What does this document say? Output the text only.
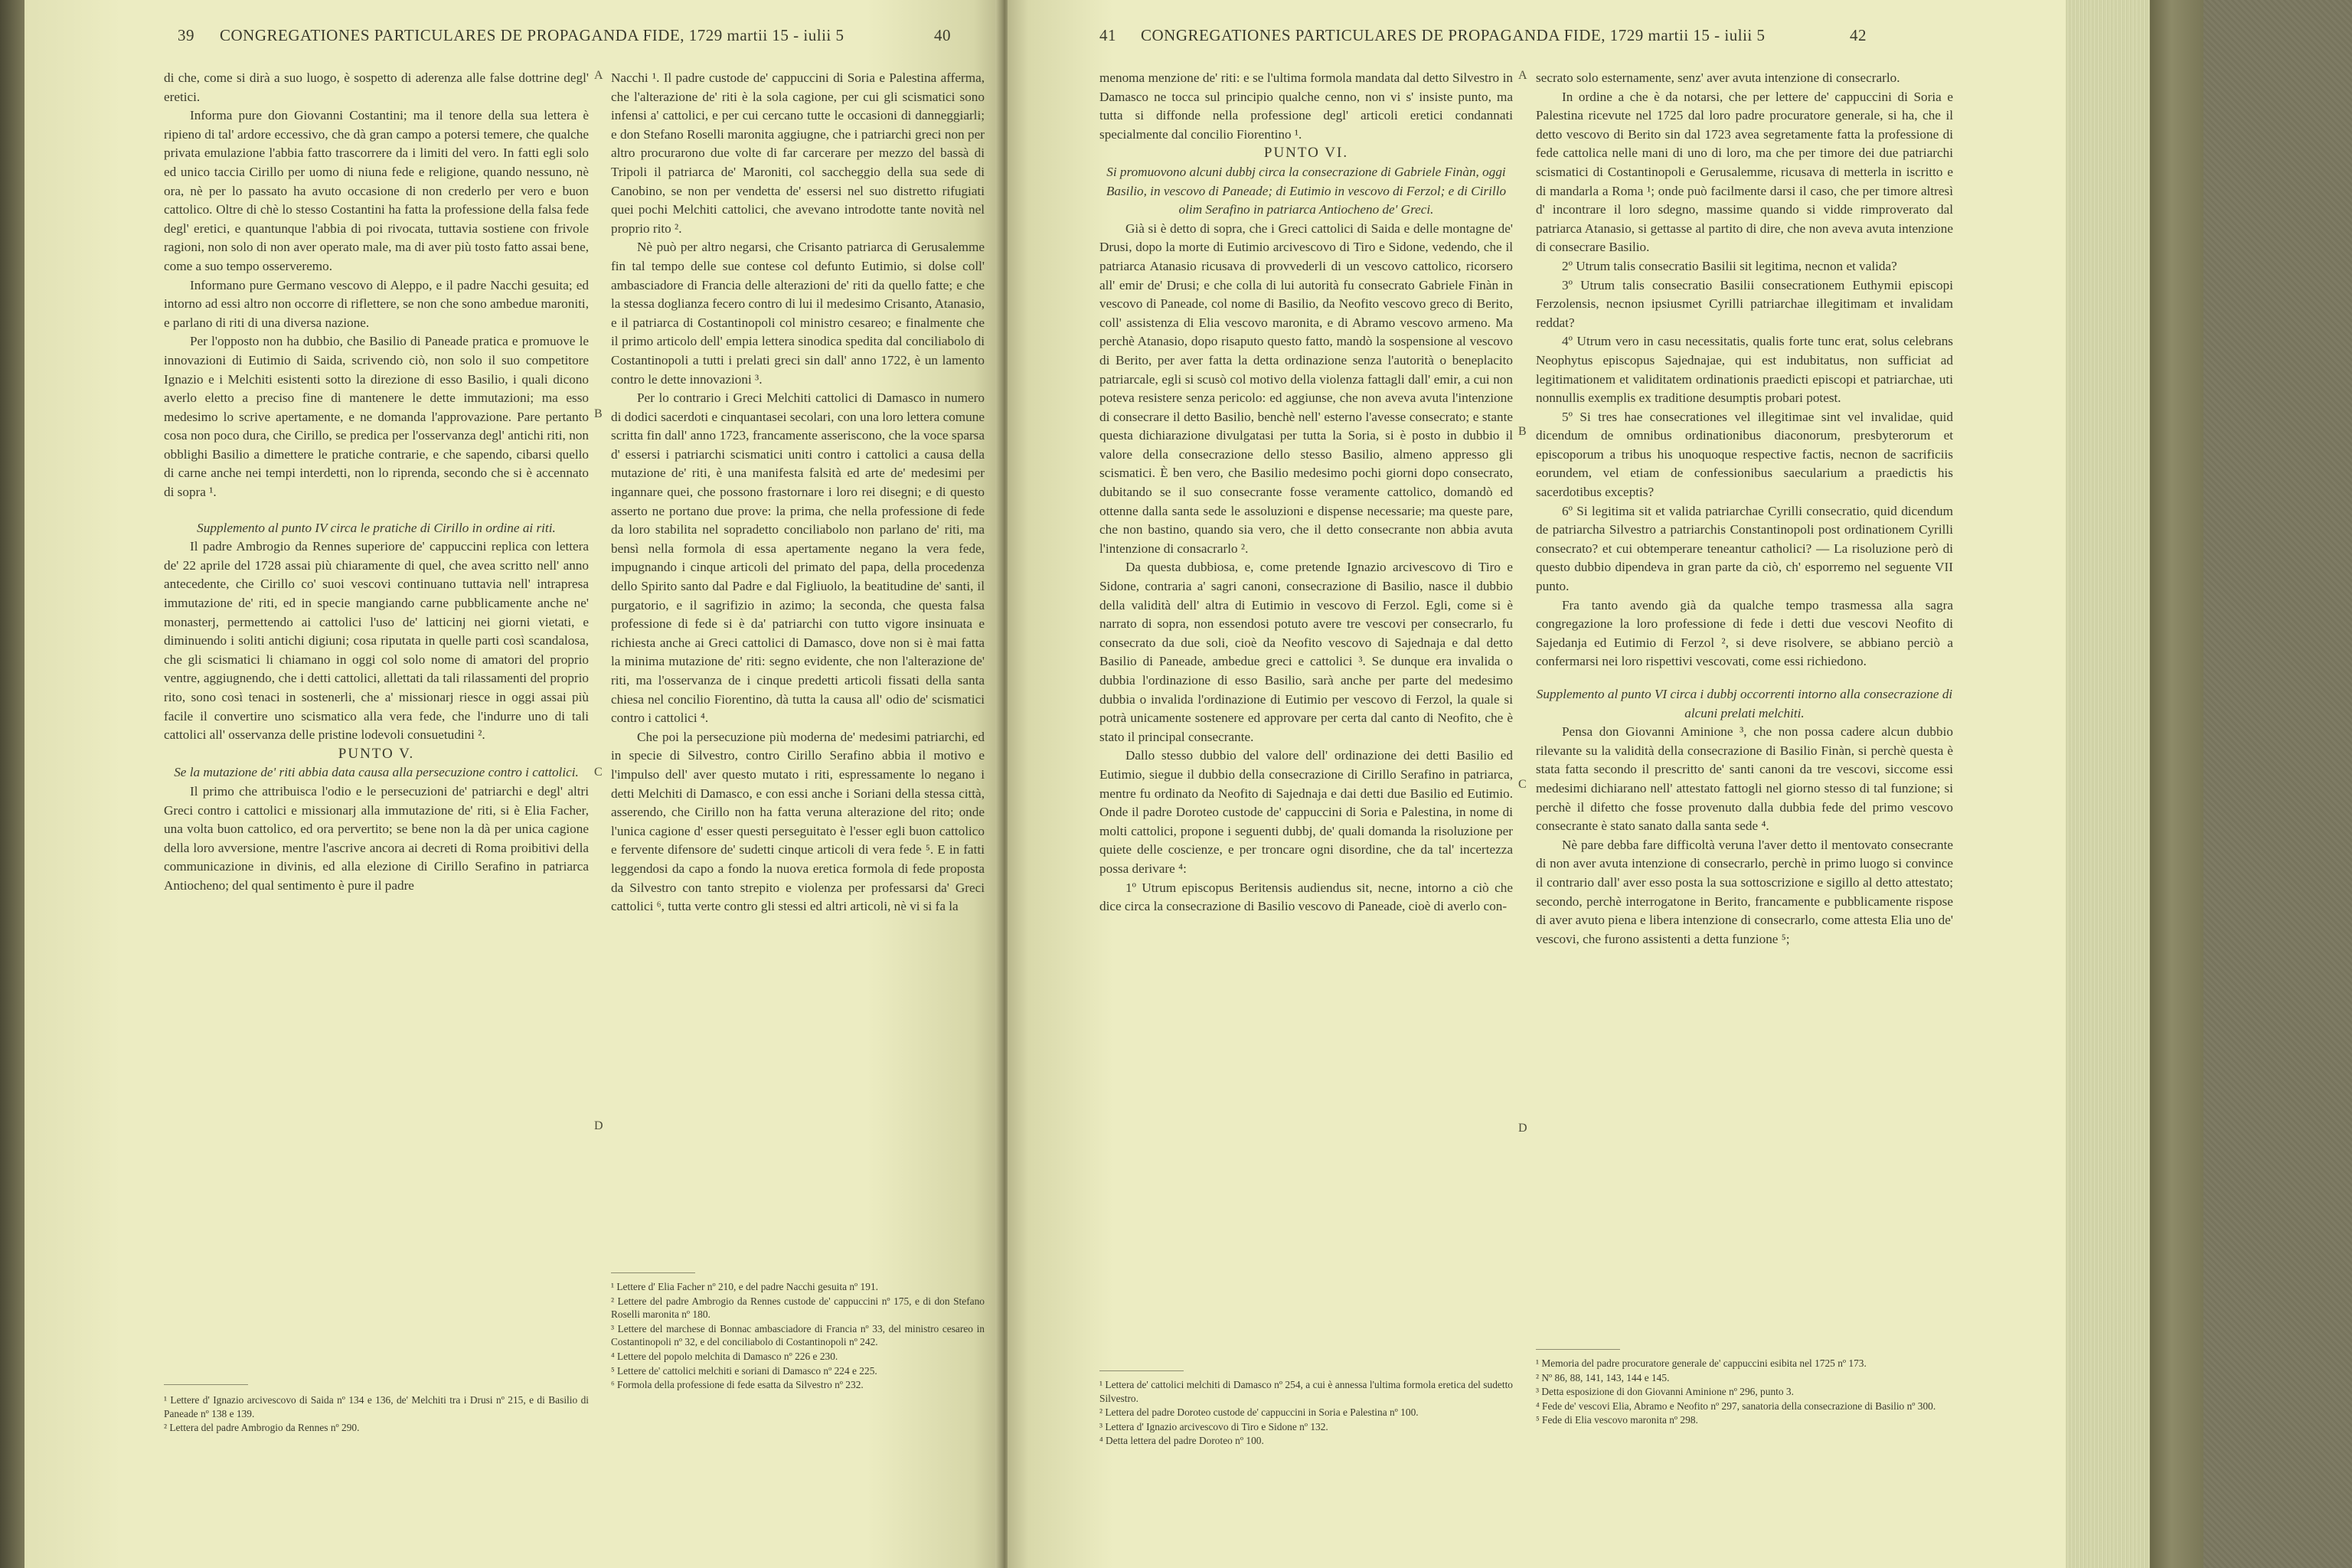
39 CONGREGATIONES PARTICULARES DE PROPAGANDA FIDE, 1729 martii 15 - iulii 5	40

di che, come si dirà a suo luogo, è sospetto di aderenza alle false dottrine degl' eretici.

Informa pure don Giovanni Costantini; ma il tenore della sua lettera è ripieno di tal' ardore eccessivo, che dà gran campo a potersi temere, che qualche privata emulazione l'abbia fatto trascorrere da i limiti del vero. In fatti egli solo ed unico taccia Cirillo per uomo di niuna fede e religione, quando nessuno, nè ora, nè per lo passato ha avuto occasione di non crederlo per vero e buon cattolico. Oltre di chè lo stesso Costantini ha fatta la professione della falsa fede degl' eretici, e quantunque l'abbia di poi rivocata, tuttavia sostiene con frivole ragioni, non solo di non aver operato male, ma di aver più tosto fatto assai bene, come a suo tempo osserveremo.

Informano pure Germano vescovo di Aleppo, e il padre Nacchi gesuita; ed intorno ad essi altro non occorre di riflettere, se non che sono ambedue maroniti, e parlano di riti di una diversa nazione.

Per l'opposto non ha dubbio, che Basilio di Paneade pratica e promuove le innovazioni di Eutimio di Saida, scrivendo ciò, non solo il suo competitore Ignazio e i Melchiti esistenti sotto la direzione di esso Basilio, i quali dicono averlo eletto a preciso fine di mantenere le dette immutazioni; ma esso medesimo lo scrive apertamente, e ne domanda l'approvazione. Pare pertanto cosa non poco dura, che Cirillo, se predica per l'osservanza degl' antichi riti, non obblighi Basilio a dimettere le pratiche contrarie, e che sapendo, cibarsi quello di carne anche nei tempi interdetti, non lo riprenda, secondo che si è accennato di sopra ¹.

Supplemento al punto IV circa le pratiche di Cirillo in ordine ai riti.

Il padre Ambrogio da Rennes superiore de' cappuccini replica con lettera de' 22 aprile del 1728 assai più chiaramente di quel, che avea scritto nell' anno antecedente, che Cirillo co' suoi vescovi continuano tuttavia nell' intrapresa immutazione de' riti, ed in specie mangiando carne pubblicamente anche ne' monasterj, permettendo ai cattolici l'uso de' latticinj nei giorni vietati, e diminuendo i soliti antichi digiuni; cosa riputata in quelle parti così scandalosa, che gli scismatici li chiamano in oggi col solo nome di amatori del proprio ventre, aggiugnendo, che i detti cattolici, allettati da tali rilassamenti del proprio rito, sono così tenaci in sostenerli, che a' missionarj riesce in oggi assai più facile il convertire uno scismatico alla vera fede, che l'indurre uno di tali cattolici all' osservanza delle pristine lodevoli consuetudini ².

PUNTO V.

Se la mutazione de' riti abbia data causa alla persecuzione contro i cattolici.

Il primo che attribuisca l'odio e le persecuzioni de' patriarchi e degl' altri Greci contro i cattolici e missionarj alla immutazione de' riti, si è Elia Facher, una volta buon cattolico, ed ora pervertito; se bene non la dà per unica cagione della loro avversione, mentre l'ascrive ancora ai decreti di Roma proibitivi della communicazione in divinis, ed alla elezione di Cirillo Serafino in patriarca Antiocheno; del qual sentimento è pure il padre

¹ Lettere d' Ignazio arcivescovo di Saida nº 134 e 136, de' Melchiti tra i Drusi nº 215, e di Basilio di Paneade nº 138 e 139.
² Lettera del padre Ambrogio da Rennes nº 290.
A
B
C
D

Nacchi ¹. Il padre custode de' cappuccini di Soria e Palestina afferma, che l'alterazione de' riti è la sola cagione, per cui gli scismatici sono infensi a' cattolici, e per cui cercano tutte le occasioni di danneggiarli; e don Stefano Roselli maronita aggiugne, che i patriarchi greci non per altro procurarono due volte di far carcerare per mezzo del bassà di Tripoli il patriarca de' Maroniti, col saccheggio della sua sede di Canobino, se non per vendetta de' essersi nel suo distretto rifugiati quei pochi Melchiti cattolici, che avevano introdotte tante novità nel proprio rito ².

Nè può per altro negarsi, che Crisanto patriarca di Gerusalemme fin tal tempo delle sue contese col defunto Eutimio, si dolse coll' ambasciadore di Francia delle alterazioni de' riti da quello fatte; e che la stessa doglianza fecero contro di lui il medesimo Crisanto, Atanasio, e il patriarca di Costantinopoli col ministro cesareo; e finalmente che il primo articolo dell' empia lettera sinodica spedita dal conciliabolo di Costantinopoli a tutti i prelati greci sin dall' anno 1722, è un lamento contro le dette innovazioni ³.

Per lo contrario i Greci Melchiti cattolici di Damasco in numero di dodici sacerdoti e cinquantasei secolari, con una loro lettera comune scritta fin dall' anno 1723, francamente asseriscono, che la voce sparsa d' essersi i patriarchi scismatici uniti contro i cattolici a causa della mutazione de' riti, è una manifesta falsità ed arte de' medesimi per ingannare quei, che possono frastornare i loro rei disegni; e di questo asserto ne portano due prove: la prima, che nella professione di fede da loro stabilita nel sopradetto conciliabolo non parlano de' riti, ma bensì nella formola di essa apertamente negano la vera fede, impugnando i cinque articoli del primato del papa, della procedenza dello Spirito santo dal Padre e dal Figliuolo, la beatitudine de' santi, il purgatorio, e il sagrifizio in azimo; la seconda, che questa falsa professione di fede si è da' patriarchi con tutto vigore insinuata e richiesta anche ai Greci cattolici di Damasco, dove non si è mai fatta la minima mutazione de' riti: segno evidente, che non l'alterazione de' riti, ma l'osservanza de i cinque predetti articoli fissati della santa chiesa nel concilio Fiorentino, dà tutta la causa all' odio de' scismatici contro i cattolici ⁴.

Che poi la persecuzione più moderna de' medesimi patriarchi, ed in specie di Silvestro, contro Cirillo Serafino abbia il motivo e l'impulso dell' aver questo mutato i riti, espressamente lo negano i detti Melchiti di Damasco, e con essi anche i Soriani della stessa città, asserendo, che Cirillo non ha fatta veruna alterazione del rito; onde l'unica cagione d' esser questi perseguitato è l'esser egli buon cattolico e fervente difensore de' sudetti cinque articoli di vera fede ⁵. E in fatti leggendosi da capo a fondo la nuova eretica formola di fede proposta da Silvestro con tanto strepito e violenza per professarsi da' Greci cattolici ⁶, tutta verte contro gli stessi ed altri articoli, nè vi si fa la

¹ Lettere d' Elia Facher nº 210, e del padre Nacchi gesuita nº 191.
² Lettere del padre Ambrogio da Rennes custode de' cappuccini nº 175, e di don Stefano Roselli maronita nº 180.
³ Lettere del marchese di Bonnac ambasciadore di Francia nº 33, del ministro cesareo in Costantinopoli nº 32, e del conciliabolo di Costantinopoli nº 242.
⁴ Lettere del popolo melchita di Damasco nº 226 e 230.
⁵ Lettere de' cattolici melchiti e soriani di Damasco nº 224 e 225.
⁶ Formola della professione di fede esatta da Silvestro nº 232.
41 CONGREGATIONES PARTICULARES DE PROPAGANDA FIDE, 1729 martii 15 - iulii 5	42

menoma menzione de' riti: e se l'ultima formola mandata dal detto Silvestro in Damasco ne tocca sul principio qualche cenno, non vi s' insiste punto, ma tutta si diffonde nella professione degl' articoli eretici condannati specialmente dal concilio Fiorentino ¹.

PUNTO VI.

Si promuovono alcuni dubbj circa la consecrazione di Gabriele Finàn, oggi Basilio, in vescovo di Paneade; di Eutimio in vescovo di Ferzol; e di Cirillo olim Serafino in patriarca Antiocheno de' Greci.

Già si è detto di sopra, che i Greci cattolici di Saida e delle montagne de' Drusi, dopo la morte di Eutimio arcivescovo di Tiro e Sidone, vedendo, che il patriarca Atanasio ricusava di provvederli di un vescovo cattolico, ricorsero all' emir de' Drusi; e che colla di lui autorità fu consecrato Gabriele Finàn in vescovo di Paneade, col nome di Basilio, da Neofito vescovo greco di Berito, coll' assistenza di Elia vescovo maronita, e di Abramo vescovo armeno. Ma perchè Atanasio, dopo risaputo questo fatto, mandò la sospensione al vescovo di Berito, per aver fatta la detta ordinazione senza l'autorità o beneplacito patriarcale, egli si scusò col motivo della violenza fattagli dall' emir, a cui non poteva resistere senza pericolo: ed aggiunse, che non aveva avuta l'intenzione di consecrare il detto Basilio, benchè nell' esterno l'avesse consecrato; e stante questa dichiarazione divulgatasi per tutta la Soria, si è posto in dubbio il valore della consecrazione dello stesso Basilio, almeno appresso gli scismatici. È ben vero, che Basilio medesimo pochi giorni dopo consecrato, dubitando se il suo consecrante fosse veramente cattolico, domandò ed ottenne dalla santa sede le assoluzioni e dispense necessarie; ma queste pare, che non bastino, quando sia vero, che il detto consecrante non abbia avuta l'intenzione di consacrarlo ².

Da questa dubbiosa, e, come pretende Ignazio arcivescovo di Tiro e Sidone, contraria a' sagri canoni, consecrazione di Basilio, nasce il dubbio della validità dell' altra di Eutimio in vescovo di Ferzol. Egli, come si è narrato di sopra, non essendosi potuto avere tre vescovi per consecrarlo, fu consecrato da due soli, cioè da Neofito vescovo di Sajednaja e dal detto Basilio di Paneade, ambedue greci e cattolici ³. Se dunque era invalida o dubbia l'ordinazione di esso Basilio, sarà anche per parte del medesimo dubbia o invalida l'ordinazione di Eutimio per vescovo di Ferzol, la quale si potrà unicamente sostenere ed approvare per certa dal canto di Neofito, che è stato il principal consecrante.

Dallo stesso dubbio del valore dell' ordinazione dei detti Basilio ed Eutimio, siegue il dubbio della consecrazione di Cirillo Serafino in patriarca, mentre fu ordinato da Neofito di Sajednaja e dai detti due Basilio ed Eutimio. Onde il padre Doroteo custode de' cappuccini di Soria e Palestina, in nome di molti cattolici, propone i seguenti dubbj, de' quali domanda la risoluzione per quiete delle coscienze, e per troncare ogni disordine, che da tal' incertezza possa derivare ⁴:

1º Utrum episcopus Beritensis audiendus sit, necne, intorno a ciò che dice circa la consecrazione di Basilio vescovo di Paneade, cioè di averlo con-

¹ Lettera de' cattolici melchiti di Damasco nº 254, a cui è annessa l'ultima formola eretica del sudetto Silvestro.
² Lettera del padre Doroteo custode de' cappuccini in Soria e Palestina nº 100.
³ Lettera d' Ignazio arcivescovo di Tiro e Sidone nº 132.
⁴ Detta lettera del padre Doroteo nº 100.
A
B
C
D

secrato solo esternamente, senz' aver avuta intenzione di consecrarlo.

In ordine a che è da notarsi, che per lettere de' cappuccini di Soria e Palestina ricevute nel 1725 dal loro padre procuratore generale, si ha, che il detto vescovo di Berito sin dal 1723 avea segretamente fatta la professione di fede cattolica nelle mani di uno di loro, ma che per timore dei due patriarchi scismatici di Costantinopoli e Gerusalemme, ricusava di metterla in iscritto e di mandarla a Roma ¹; onde può facilmente darsi il caso, che per timore altresì d' incontrare il loro sdegno, massime quando si vidde rimproverato dal patriarca Atanasio, si gettasse al partito di dire, che non aveva avuta intenzione di consecrare Basilio.

2º Utrum talis consecratio Basilii sit legitima, necnon et valida?

3º Utrum talis consecratio Basilii consecrationem Euthymii episcopi Ferzolensis, necnon ipsiusmet Cyrilli patriarchae illegitimam et invalidam reddat?

4º Utrum vero in casu necessitatis, qualis forte tunc erat, solus celebrans Neophytus episcopus Sajednajae, qui est indubitatus, non sufficiat ad legitimationem et validitatem ordinationis praedicti episcopi et patriarchae, uti nonnullis exemplis ex traditione desumptis probari potest.

5º Si tres hae consecrationes vel illegitimae sint vel invalidae, quid dicendum de omnibus ordinationibus diaconorum, presbyterorum et episcoporum a tribus his unoquoque respective factis, necnon de sacrificiis eorundem, vel etiam de confessionibus saecularium a praedictis his sacerdotibus exceptis?

6º Si legitima sit et valida patriarchae Cyrilli consecratio, quid dicendum de patriarcha Silvestro a patriarchis Constantinopoli post ordinationem Cyrilli consecrato? et cui obtemperare teneantur catholici? — La risoluzione però di questo dubbio dipendeva in gran parte da ciò, ch' esporremo nel seguente VII punto.

Fra tanto avendo già da qualche tempo trasmessa alla sagra congregazione la loro professione di fede i detti due vescovi Neofito di Sajedanja ed Eutimio di Ferzol ², si deve risolvere, se abbiano perciò a confermarsi nei loro rispettivi vescovati, come essi richiedono.

Supplemento al punto VI circa i dubbj occorrenti intorno alla consecrazione di alcuni prelati melchiti.

Pensa don Giovanni Aminione ³, che non possa cadere alcun dubbio rilevante su la validità della consecrazione di Basilio Finàn, si perchè questa è stata fatta secondo il prescritto de' santi canoni da tre vescovi, siccome essi medesimi dichiarano nell' attestato fattogli nel giorno stesso di tal funzione; si perchè il difetto che fosse provenuto dalla dubbia fede del primo vescovo consecrante è stato sanato dalla santa sede ⁴.

Nè pare debba fare difficoltà veruna l'aver detto il mentovato consecrante di non aver avuta intenzione di consecrarlo, perchè in primo luogo si convince il contrario dall' aver esso posta la sua sottoscrizione e sigillo al detto attestato; secondo, perchè interrogatone in Berito, francamente e pubblicamente rispose di aver avuto piena e libera intenzione di consecrarlo, come attesta Elia uno de' vescovi, che furono assistenti a detta funzione ⁵;

¹ Memoria del padre procuratore generale de' cappuccini esibita nel 1725 nº 173.
² Nº 86, 88, 141, 143, 144 e 145.
³ Detta esposizione di don Giovanni Aminione nº 296, punto 3.
⁴ Fede de' vescovi Elia, Abramo e Neofito nº 297, sanatoria della consecrazione di Basilio nº 300.
⁵ Fede di Elia vescovo maronita nº 298.
